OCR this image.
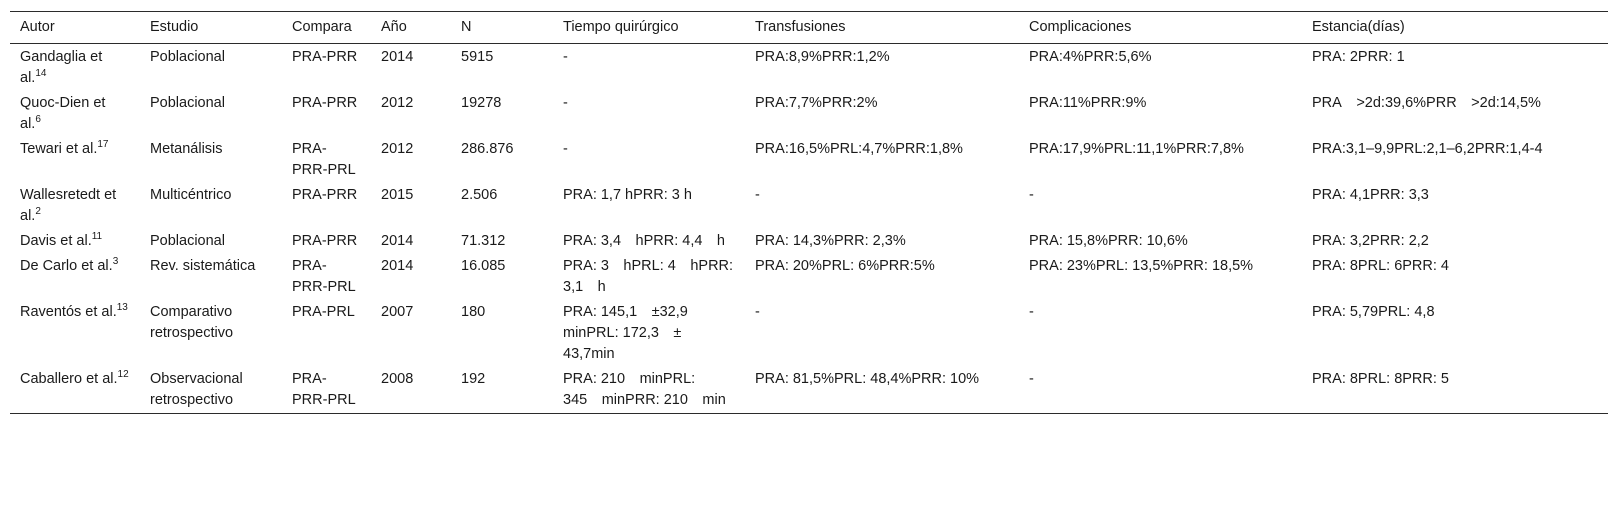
Autor	Estudio	Compara	Año	N	Tiempo quirúrgico	Transfusiones	Complicaciones	Estancia(días)
Gandaglia et al.$^{14}$	Poblacional	PRA-PRR	2014	5915	-	PRA:8,9%PRR:1,2%	PRA:4%PRR:5,6%	PRA: 2PRR: 1
Quoc-Dien et al.$^6$	Poblacional	PRA-PRR	2012	19278	-	PRA:7,7%PRR:2%	PRA:11%PRR:9%	PRA >2d:39,6%PRR >2d:14,5%
Tewari et al.$^{17}$	Metanálisis	PRA-PRR-PRL	2012	286.876	-	PRA:16,5%PRL:4,7%PRR:1,8%	PRA:17,9%PRL:11,1%PRR:7,8%	PRA:3,1–9,9PRL:2,1–6,2PRR:1,4-4
Wallesretedt et al.$^2$	Multicéntrico	PRA-PRR	2015	2.506	PRA: 1,7 hPRR: 3 h	-	-	PRA: 4,1PRR: 3,3
Davis et al.$^{11}$	Poblacional	PRA-PRR	2014	71.312	PRA: 3,4 hPRR: 4,4 h	PRA: 14,3%PRR: 2,3%	PRA: 15,8%PRR: 10,6%	PRA: 3,2PRR: 2,2
De Carlo et al.$^3$	Rev. sistemática	PRA-PRR-PRL	2014	16.085	PRA: 3 hPRL: 4 hPRR: 3,1 h	PRA: 20%PRL: 6%PRR:5%	PRA: 23%PRL: 13,5%PRR: 18,5%	PRA: 8PRL: 6PRR: 4
Raventós et al.$^{13}$	Comparativo retrospectivo	PRA-PRL	2007	180	PRA: 145,1 ±32,9 minPRL: 172,3 ± 43,7min	-	-	PRA: 5,79PRL: 4,8
Caballero et al.$^{12}$	Observacional retrospectivo	PRA-PRR-PRL	2008	192	PRA: 210 minPRL: 345 minPRR: 210 min	PRA: 81,5%PRL: 48,4%PRR: 10%	-	PRA: 8PRL: 8PRR: 5
